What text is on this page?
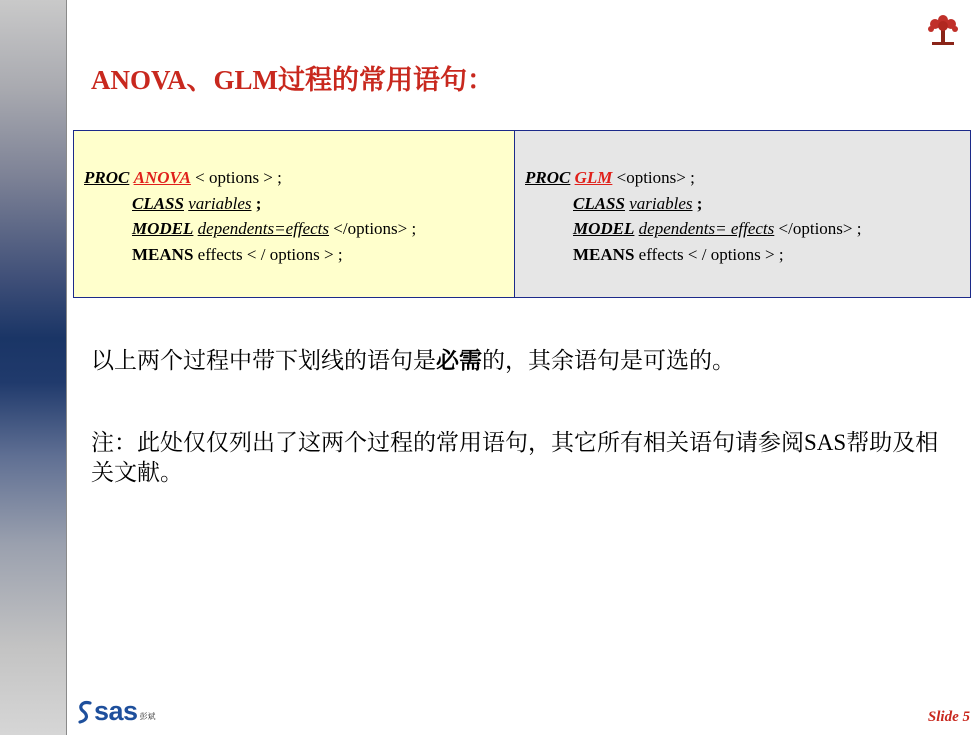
ANOVA、GLM过程的常用语句：
PROC ANOVA < options > ;
CLASS variables ;
MODEL dependents=effects </options> ;
MEANS effects < / options > ;
PROC GLM <options> ;
CLASS variables ;
MODEL dependents= effects </options> ;
MEANS effects < / options > ;
以上两个过程中带下划线的语句是必需的，其余语句是可选的。
注：此处仅仅列出了这两个过程的常用语句，其它所有相关语句请参阅SAS帮助及相关文献。
sas 彭斌	Slide 5
